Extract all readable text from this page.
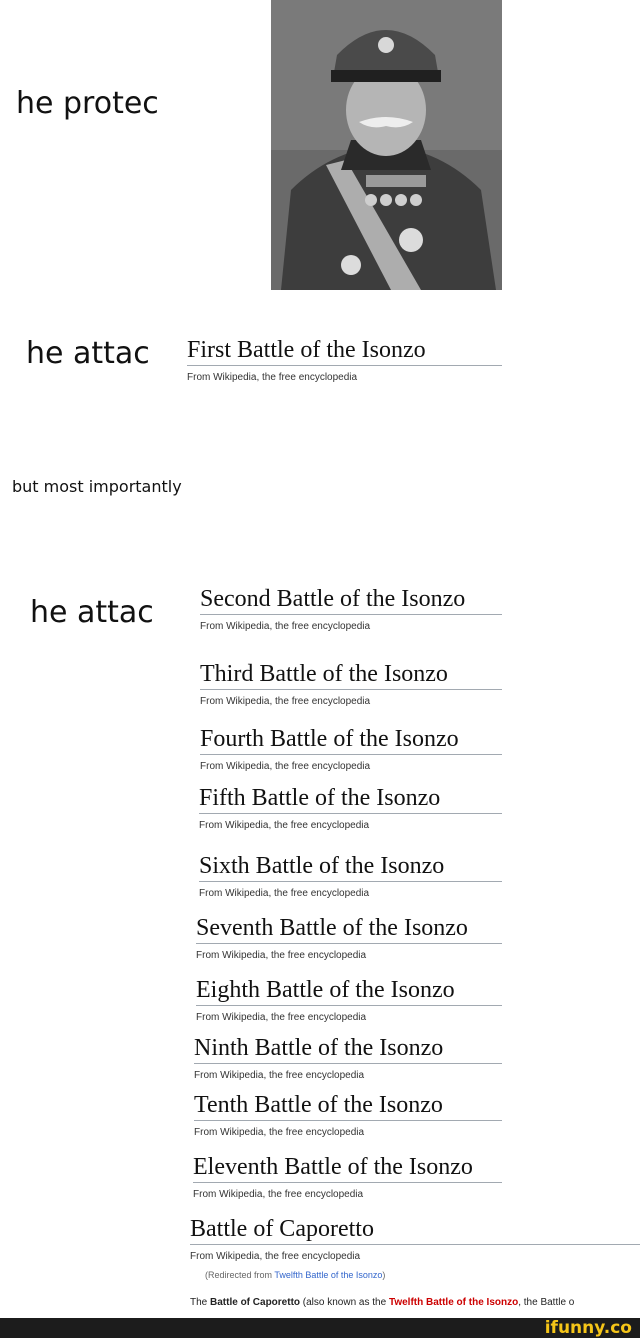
he protec
he attac
but most importantly
he attac
First Battle of the Isonzo
From Wikipedia, the free encyclopedia
Second Battle of the Isonzo
From Wikipedia, the free encyclopedia
Third Battle of the Isonzo
From Wikipedia, the free encyclopedia
Fourth Battle of the Isonzo
From Wikipedia, the free encyclopedia
Fifth Battle of the Isonzo
From Wikipedia, the free encyclopedia
Sixth Battle of the Isonzo
From Wikipedia, the free encyclopedia
Seventh Battle of the Isonzo
From Wikipedia, the free encyclopedia
Eighth Battle of the Isonzo
From Wikipedia, the free encyclopedia
Ninth Battle of the Isonzo
From Wikipedia, the free encyclopedia
Tenth Battle of the Isonzo
From Wikipedia, the free encyclopedia
Eleventh Battle of the Isonzo
From Wikipedia, the free encyclopedia
Battle of Caporetto
From Wikipedia, the free encyclopedia
(Redirected from Twelfth Battle of the Isonzo)
The Battle of Caporetto (also known as the Twelfth Battle of the Isonzo, the Battle o
ifunny.co
